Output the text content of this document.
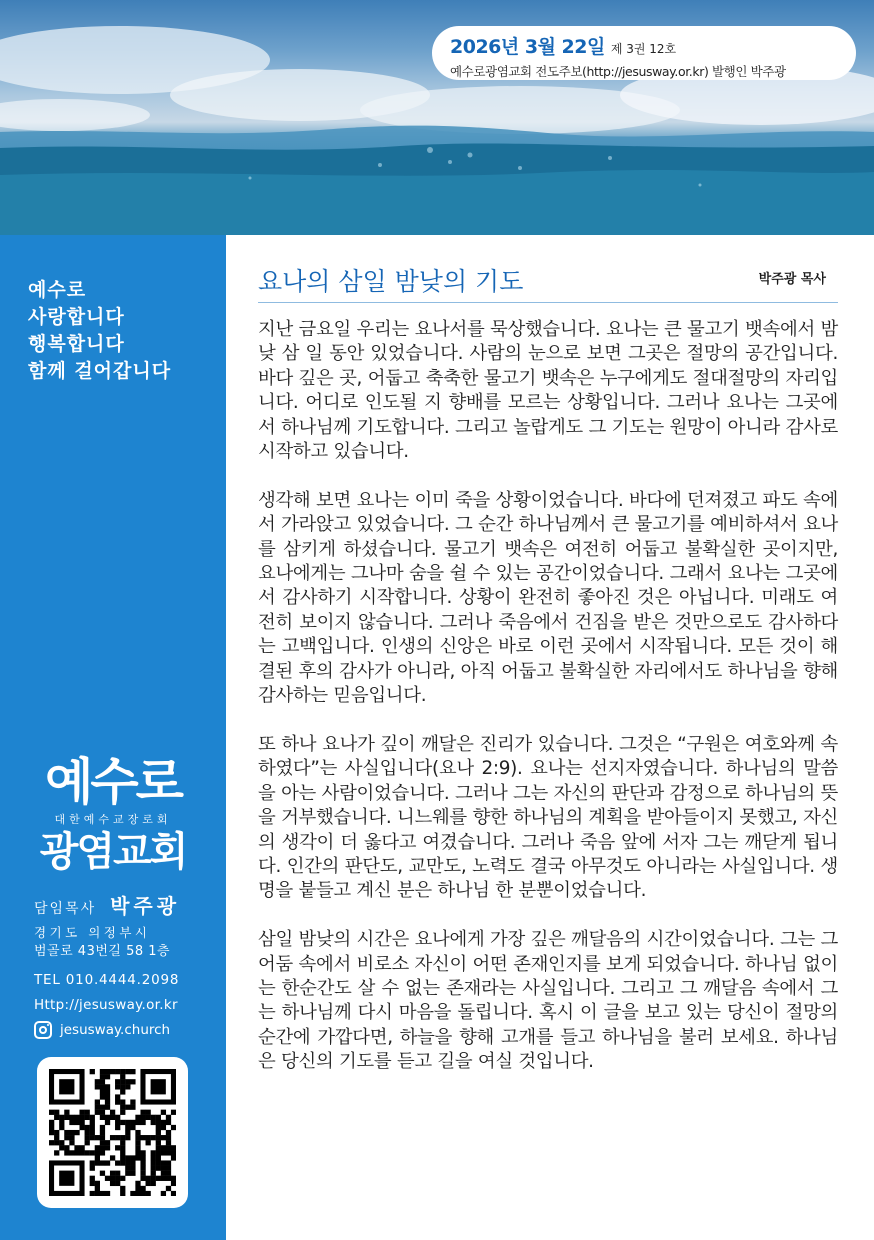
2026년 3월 22일 제 3권 12호
예수로광염교회 전도주보(http://jesusway.or.kr) 발행인 박주광
예수로
사랑합니다
행복합니다
함께 걸어갑니다
예수로
대한예수교장로회
광염교회
담임목사 박주광
경기도 의정부시
범골로 43번길 58 1층
TEL 010.4444.2098
Http://jesusway.or.kr
jesusway.church
요나의 삼일 밤낮의 기도	박주광 목사

지난 금요일 우리는 요나서를 묵상했습니다. 요나는 큰 물고기 뱃속에서 밤낮 삼 일 동안 있었습니다. 사람의 눈으로 보면 그곳은 절망의 공간입니다. 바다 깊은 곳, 어둡고 축축한 물고기 뱃속은 누구에게도 절대절망의 자리입니다. 어디로 인도될 지 향배를 모르는 상황입니다. 그러나 요나는 그곳에서 하나님께 기도합니다. 그리고 놀랍게도 그 기도는 원망이 아니라 감사로 시작하고 있습니다.

생각해 보면 요나는 이미 죽을 상황이었습니다. 바다에 던져졌고 파도 속에서 가라앉고 있었습니다. 그 순간 하나님께서 큰 물고기를 예비하셔서 요나를 삼키게 하셨습니다. 물고기 뱃속은 여전히 어둡고 불확실한 곳이지만, 요나에게는 그나마 숨을 쉴 수 있는 공간이었습니다. 그래서 요나는 그곳에서 감사하기 시작합니다. 상황이 완전히 좋아진 것은 아닙니다. 미래도 여전히 보이지 않습니다. 그러나 죽음에서 건짐을 받은 것만으로도 감사하다는 고백입니다. 인생의 신앙은 바로 이런 곳에서 시작됩니다. 모든 것이 해결된 후의 감사가 아니라, 아직 어둡고 불확실한 자리에서도 하나님을 향해 감사하는 믿음입니다.

또 하나 요나가 깊이 깨달은 진리가 있습니다. 그것은 “구원은 여호와께 속하였다”는 사실입니다(요나 2:9). 요나는 선지자였습니다. 하나님의 말씀을 아는 사람이었습니다. 그러나 그는 자신의 판단과 감정으로 하나님의 뜻을 거부했습니다. 니느웨를 향한 하나님의 계획을 받아들이지 못했고, 자신의 생각이 더 옳다고 여겼습니다. 그러나 죽음 앞에 서자 그는 깨닫게 됩니다. 인간의 판단도, 교만도, 노력도 결국 아무것도 아니라는 사실입니다. 생명을 붙들고 계신 분은 하나님 한 분뿐이었습니다.

삼일 밤낮의 시간은 요나에게 가장 깊은 깨달음의 시간이었습니다. 그는 그 어둠 속에서 비로소 자신이 어떤 존재인지를 보게 되었습니다. 하나님 없이는 한순간도 살 수 없는 존재라는 사실입니다. 그리고 그 깨달음 속에서 그는 하나님께 다시 마음을 돌립니다. 혹시 이 글을 보고 있는 당신이 절망의 순간에 가깝다면, 하늘을 향해 고개를 들고 하나님을 불러 보세요. 하나님은 당신의 기도를 듣고 길을 여실 것입니다.
